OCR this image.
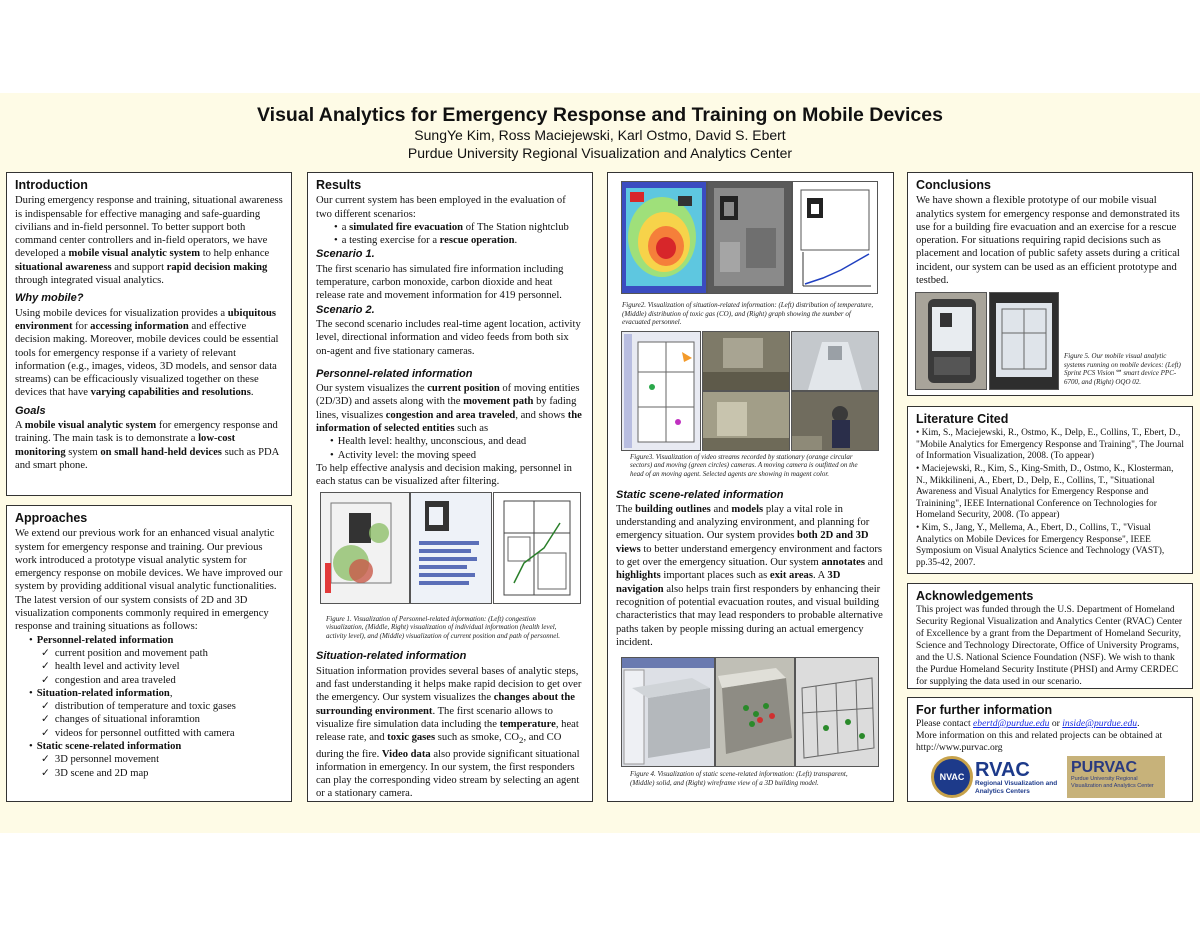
Visual Analytics for Emergency Response and Training on Mobile Devices
SungYe Kim, Ross Maciejewski, Karl Ostmo, David S. Ebert
Purdue University Regional Visualization and Analytics Center
Introduction

During emergency response and training, situational awareness is indispensable for effective managing and safe-guarding civilians and in-field personnel. To better support both command center controllers and in-field operators, we have developed a mobile visual analytic system to help enhance situational awareness and support rapid decision making through integrated visual analytics.

Why mobile?

Using mobile devices for visualization provides a ubiquitous environment for accessing information and effective decision making. Moreover, mobile devices could be essential tools for emergency response if a variety of relevant information (e.g., images, videos, 3D models, and sensor data streams) can be efficaciously visualized together on these devices that have varying capabilities and resolutions.

Goals

A mobile visual analytic system for emergency response and training. The main task is to demonstrate a low-cost monitoring system on small hand-held devices such as PDA and smart phone.

Approaches

We extend our previous work for an enhanced visual analytic system for emergency response and training. Our previous work introduced a prototype visual analytic system for emergency response on mobile devices. We have improved our system by providing additional visual analytic functionalities.

The latest version of our system consists of 2D and 3D visualization components commonly required in emergency response and training situations as follows:

• Personnel-related information
✓ current position and movement path
✓ health level and activity level
✓ congestion and area traveled
• Situation-related information,
✓ distribution of temperature and toxic gases
✓ changes of situational inforamtion
✓ videos for personnel outfitted with camera
• Static scene-related information
✓ 3D personnel movement
✓ 3D scene and 2D map
Results

Our current system has been employed in the evaluation of two different scenarios:

• a simulated fire evacuation of The Station nightclub
• a testing exercise for a rescue operation.
Scenario 1.

The first scenario has simulated fire information including temperature, carbon monoxide, carbon dioxide and heat release rate and movement information for 419 personnel.

Scenario 2.

The second scenario includes real-time agent location, activity level, directional information and video feeds from both six on-agent and five stationary cameras.

Personnel-related information

Our system visualizes the current position of moving entities (2D/3D) and assets along with the movement path by fading lines, visualizes congestion and area traveled, and shows the information of selected entities such as

• Health level: healthy, unconscious, and dead
• Activity level: the moving speed

To help effective analysis and decision making, personnel in each status can be visualized after filtering.

Figure 1. Visualization of Personnel-related information: (Left) congestion visualization, (Middle, Right) visualization of individual information (health level, activity level), and (Middle) visualization of current position and path of personnel.

Situation-related information

Situation information provides several bases of analytic steps, and fast understanding it helps make rapid decision to get over the emergency. Our system visualizes the changes about the surrounding environment. The first scenario allows to visualize fire simulation data including the temperature, heat release rate, and toxic gases such as smoke, $CO_2$, and CO during the fire. Video data also provide significant situational information in emergency. In our system, the first responders can play the corresponding video stream by selecting an agent or a stationary camera.

Figure2. Visualization of situation-related information: (Left) distribution of temperature, (Middle) distribution of toxic gas (CO), and (Right) graph showing the number of evacuated personnel.

Figure3. Visualization of video streams recorded by stationary (orange circular sectors) and moving (green circles) cameras. A moving camera is outfitted on the head of an moving agent. Selected agents are showing in magent color.

Static scene-related information

The building outlines and models play a vital role in understanding and analyzing environment, and planning for emergency situation. Our system provides both 2D and 3D views to better understand emergency environment and factors to get over the emergency situation. Our system annotates and highlights important places such as exit areas. A 3D navigation also helps train first responders by enhancing their recognition of potential evacuation routes, and visual building characteristics that may lead responders to probable alternative paths taken by people missing during an actual emergency incident.

Figure 4. Visualization of static scene-related information: (Left) transparent, (Middle) solid, and (Right) wireframe view of a 3D building model.

Conclusions

We have shown a flexible prototype of our mobile visual analytics system for emergency response and demonstrated its use for a building fire evacuation and an exercise for a rescue operation. For situations requiring rapid decisions such as placement and location of public safety assets during a critical incident, our system can be used as an efficient prototype and testbed.

Figure 5. Our mobile visual analytic systems running on mobile devices: (Left) Sprint PCS Vision℠ smart device PPC-6700, and (Right) OQO 02.

Literature Cited

• Kim, S., Maciejewski, R., Ostmo, K., Delp, E., Collins, T., Ebert, D., "Mobile Analytics for Emergency Response and Training", The Journal of Information Visualization, 2008. (To appear)

• Maciejewski, R., Kim, S., King-Smith, D., Ostmo, K., Klosterman, N., Mikkilineni, A., Ebert, D., Delp, E., Collins, T., "Situational Awareness and Visual Analytics for Emergency Response and Trainining", IEEE International Conference on Technologies for Homeland Security, 2008. (To appear)

• Kim, S., Jang, Y., Mellema, A., Ebert, D., Collins, T., "Visual Analytics on Mobile Devices for Emergency Response", IEEE Symposium on Visual Analytics Science and Technology (VAST), pp.35-42, 2007.

Acknowledgements

This project was funded through the U.S. Department of Homeland Security Regional Visualization and Analytics Center (RVAC) Center of Excellence by a grant from the Department of Homeland Security, Science and Technology Directorate, Office of University Programs, and the U.S. National Science Foundation (NSF). We wish to thank the Purdue Homeland Security Institute (PHSI) and Army CERDEC for supplying the data used in our scenario.

For further information

Please contact ebertd@purdue.edu or inside@purdue.edu.

More information on this and related projects can be obtained at http://www.purvac.org

NVAC RVAC
Regional Visualization and Analytics Centers
PURVAC
Purdue University Regional Visualization and Analytics Center
